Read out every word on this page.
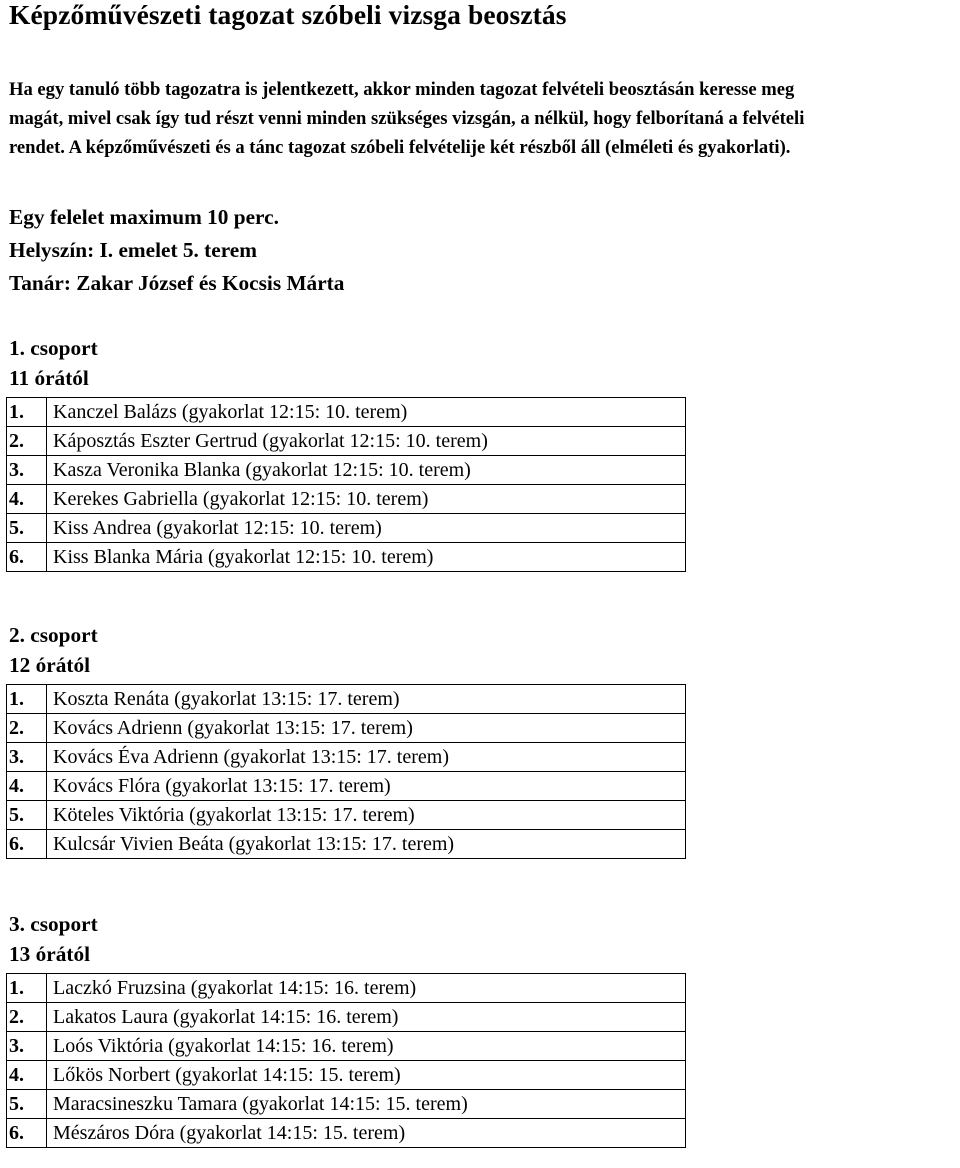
Képzőművészeti tagozat szóbeli vizsga beosztás

Ha egy tanuló több tagozatra is jelentkezett, akkor minden tagozat felvételi beosztásán keresse meg

magát, mivel csak így tud részt venni minden szükséges vizsgán, a nélkül, hogy felborítaná a felvételi

rendet. A képzőművészeti és a tánc tagozat szóbeli felvételije két részből áll (elméleti és gyakorlati).

Egy felelet maximum 10 perc.
Helyszín: I. emelet 5. terem
Tanár: Zakar József és Kocsis Márta
1. csoport
11 órától
1.	Kanczel Balázs (gyakorlat 12:15: 10. terem)
2.	Káposztás Eszter Gertrud (gyakorlat 12:15: 10. terem)
3.	Kasza Veronika Blanka (gyakorlat 12:15: 10. terem)
4.	Kerekes Gabriella (gyakorlat 12:15: 10. terem)
5.	Kiss Andrea (gyakorlat 12:15: 10. terem)
6.	Kiss Blanka Mária (gyakorlat 12:15: 10. terem)
2. csoport
12 órától
1.	Koszta Renáta (gyakorlat 13:15: 17. terem)
2.	Kovács Adrienn (gyakorlat 13:15: 17. terem)
3.	Kovács Éva Adrienn (gyakorlat 13:15: 17. terem)
4.	Kovács Flóra (gyakorlat 13:15: 17. terem)
5.	Köteles Viktória (gyakorlat 13:15: 17. terem)
6.	Kulcsár Vivien Beáta (gyakorlat 13:15: 17. terem)
3. csoport
13 órától
1.	Laczkó Fruzsina (gyakorlat 14:15: 16. terem)
2.	Lakatos Laura (gyakorlat 14:15: 16. terem)
3.	Loós Viktória (gyakorlat 14:15: 16. terem)
4.	Lőkös Norbert (gyakorlat 14:15: 15. terem)
5.	Maracsineszku Tamara (gyakorlat 14:15: 15. terem)
6.	Mészáros Dóra (gyakorlat 14:15: 15. terem)
